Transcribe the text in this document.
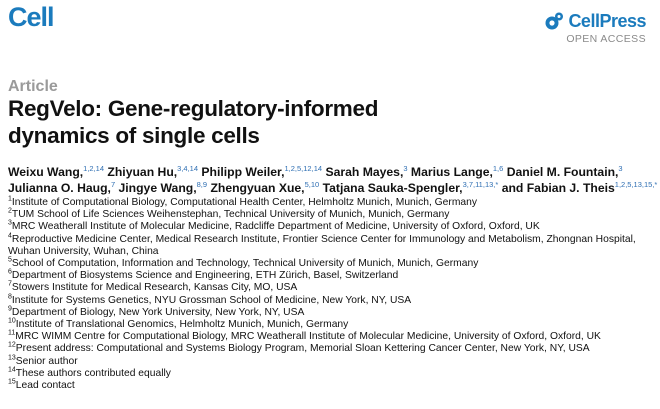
Cell	CellPress
OPEN ACCESS
Article
RegVelo: Gene-regulatory-informed
dynamics of single cells
Weixu Wang,$^{1,2,14}$ Zhiyuan Hu,$^{3,4,14}$ Philipp Weiler,$^{1,2,5,12,14}$ Sarah Mayes,$^3$ Marius Lange,$^{1,6}$ Daniel M. Fountain,$^3$ Julianna O. Haug,$^7$ Jingye Wang,$^{8,9}$ Zhengyuan Xue,$^{5,10}$ Tatjana Sauka-Spengler,$^{3,7,11,13,*}$ and Fabian J. Theis$^{1,2,5,13,15,*}$
$^1$Institute of Computational Biology, Computational Health Center, Helmholtz Munich, Munich, Germany
$^2$TUM School of Life Sciences Weihenstephan, Technical University of Munich, Munich, Germany
$^3$MRC Weatherall Institute of Molecular Medicine, Radcliffe Department of Medicine, University of Oxford, Oxford, UK
$^4$Reproductive Medicine Center, Medical Research Institute, Frontier Science Center for Immunology and Metabolism, Zhongnan Hospital, Wuhan University, Wuhan, China
$^5$School of Computation, Information and Technology, Technical University of Munich, Munich, Germany
$^6$Department of Biosystems Science and Engineering, ETH Zürich, Basel, Switzerland
$^7$Stowers Institute for Medical Research, Kansas City, MO, USA
$^8$Institute for Systems Genetics, NYU Grossman School of Medicine, New York, NY, USA
$^9$Department of Biology, New York University, New York, NY, USA
$^{10}$Institute of Translational Genomics, Helmholtz Munich, Munich, Germany
$^{11}$MRC WIMM Centre for Computational Biology, MRC Weatherall Institute of Molecular Medicine, University of Oxford, Oxford, UK
$^{12}$Present address: Computational and Systems Biology Program, Memorial Sloan Kettering Cancer Center, New York, NY, USA
$^{13}$Senior author
$^{14}$These authors contributed equally
$^{15}$Lead contact
